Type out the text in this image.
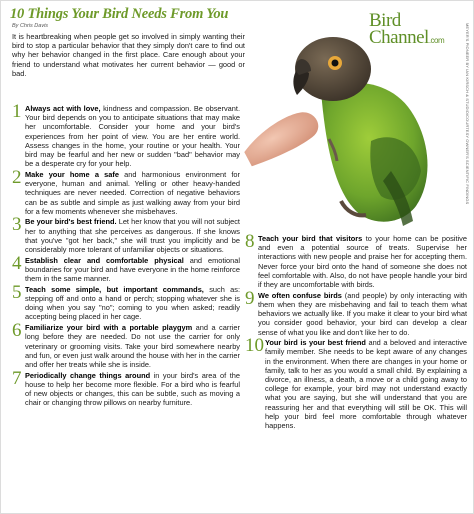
10 Things Your Bird Needs From You
By Chris Davis	Bird
Channel.com	MEYER'S PIONEER BY IAN KIRSCH & STUDIO/COURTESY OWNER'S SCIENTIFIC FINDINGS

It is heartbreaking when people get so involved in simply wanting their bird to stop a particular behavior that they simply don't care to find out why her behavior changed in the first place. Care enough about your friend to understand what motivates her current behavior — good or bad.

1 Always act with love, kindness and compassion. Be observant. Your bird depends on you to anticipate situations that may make her uncomfortable. Consider your home and your bird's experiences from her point of view. You are her entire world. Assess changes in the home, your routine or your health. Your bird may be fearful and her new or sudden "bad" behavior may be a desperate cry for your help.
2 Make your home a safe and harmonious environment for everyone, human and animal. Yelling or other heavy-handed techniques are never needed. Correction of negative behaviors can be as subtle and simple as just walking away from your bird for a few moments whenever she misbehaves.
3 Be your bird's best friend. Let her know that you will not subject her to anything that she perceives as dangerous. If she knows that you've "got her back," she will trust you implicitly and be considerably more tolerant of unfamiliar objects or situations.
4 Establish clear and comfortable physical and emotional boundaries for your bird and have everyone in the home reinforce them in the same manner.
5 Teach some simple, but important commands, such as: stepping off and onto a hand or perch; stopping whatever she is doing when you say "no"; coming to you when asked; readily accepting being placed in her cage.
6 Familiarize your bird with a portable playgym and a carrier long before they are needed. Do not use the carrier for only veterinary or grooming visits. Take your bird somewhere nearby and fun, or even just walk around the house with her in the carrier and offer her treats while she is inside.
7 Periodically change things around in your bird's area of the house to help her become more flexible. For a bird who is fearful of new objects or changes, this can be subtle, such as moving a chair or changing throw pillows on nearby furniture.
8 Teach your bird that visitors to your home can be positive and even a potential source of treats. Supervise her interactions with new people and praise her for accepting them. Never force your bird onto the hand of someone she does not feel comfortable with. Also, do not have people handle your bird if they are uncomfortable with birds.
9 We often confuse birds (and people) by only interacting with them when they are misbehaving and fail to teach them what behaviors we actually like. If you make it clear to your bird what you consider good behavior, your bird can develop a clear sense of what you like and don't like her to do.
10 Your bird is your best friend and a beloved and interactive family member. She needs to be kept aware of any changes in the environment. When there are changes in your home or family, talk to her as you would a small child. By explaining a divorce, an illness, a death, a move or a child going away to college for example, your bird may not understand exactly what you are saying, but she will understand that you are reassuring her and that everything will still be OK. This will help your bird feel more comfortable through whatever happens.
